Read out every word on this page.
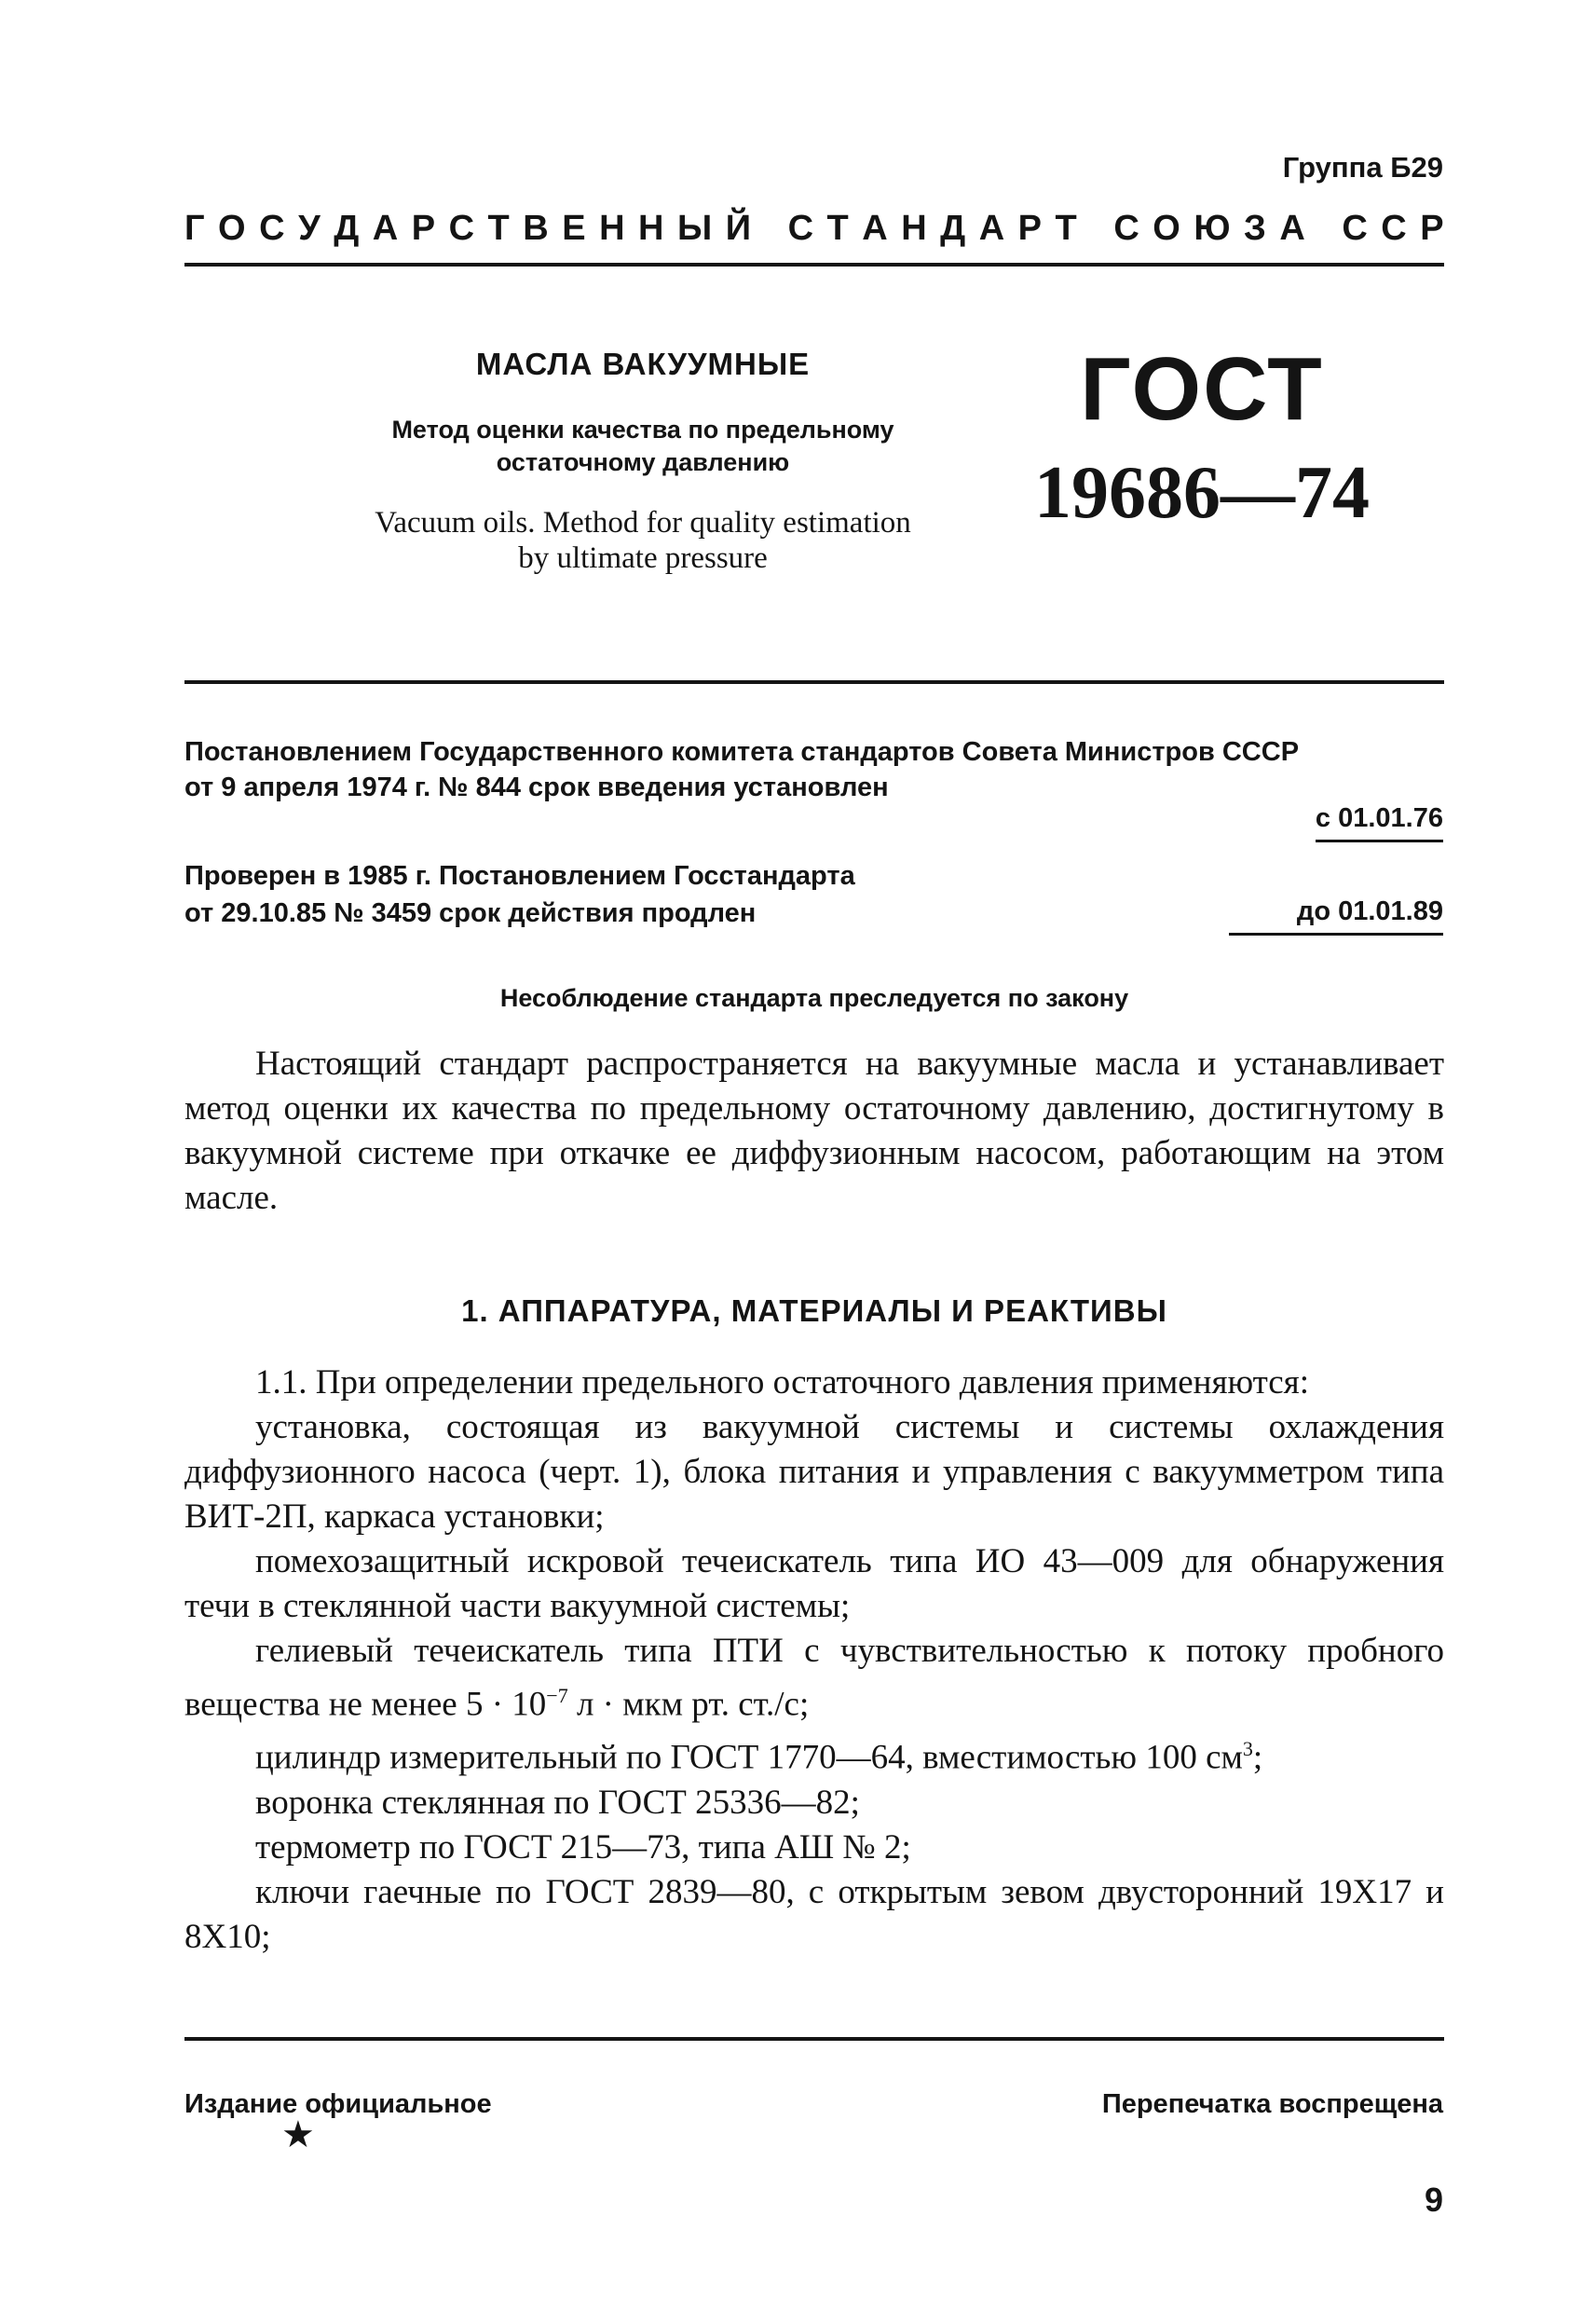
Группа Б29
Г О С У Д А Р С Т В Е Н Н Ы Й
С Т А Н Д А Р Т
С О Ю З А
С С Р
МАСЛА ВАКУУМНЫЕ
Метод оценки качества по предельному
остаточному давлению
Vacuum oils. Method for quality estimation
by ultimate pressure
ГОСТ
19686—74
Постановлением Государственного комитета стандартов Совета Министров СССР
от 9 апреля 1974 г. № 844 срок введения установлен
с 01.01.76
Проверен в 1985 г. Постановлением Госстандарта
от 29.10.85 № 3459 срок действия продлен	до 01.01.89
Несоблюдение стандарта преследуется по закону
Настоящий стандарт распространяется на вакуумные масла и устанавливает метод оценки их качества по предельному остаточному давлению, достигнутому в вакуумной системе при откачке ее диффузионным насосом, работающим на этом масле.
1. АППАРАТУРА, МАТЕРИАЛЫ И РЕАКТИВЫ

1.1. При определении предельного остаточного давления применяются:

установка, состоящая из вакуумной системы и системы охлаждения диффузионного насоса (черт. 1), блока питания и управления с вакуумметром типа ВИТ-2П, каркаса установки;

помехозащитный искровой течеискатель типа ИО 43—009 для обнаружения течи в стеклянной части вакуумной системы;

гелиевый течеискатель типа ПТИ с чувствительностью к потоку пробного вещества не менее $5 \cdot 10^{-7}$ л · мкм рт. ст./с;

цилиндр измерительный по ГОСТ 1770—64, вместимостью 100 $см^3$;

воронка стеклянная по ГОСТ 25336—82;

термометр по ГОСТ 215—73, типа АШ № 2;

ключи гаечные по ГОСТ 2839—80, с открытым зевом двусторонний 19Х17 и 8Х10;

Издание официальное	Перепечатка воспрещена
★
9
